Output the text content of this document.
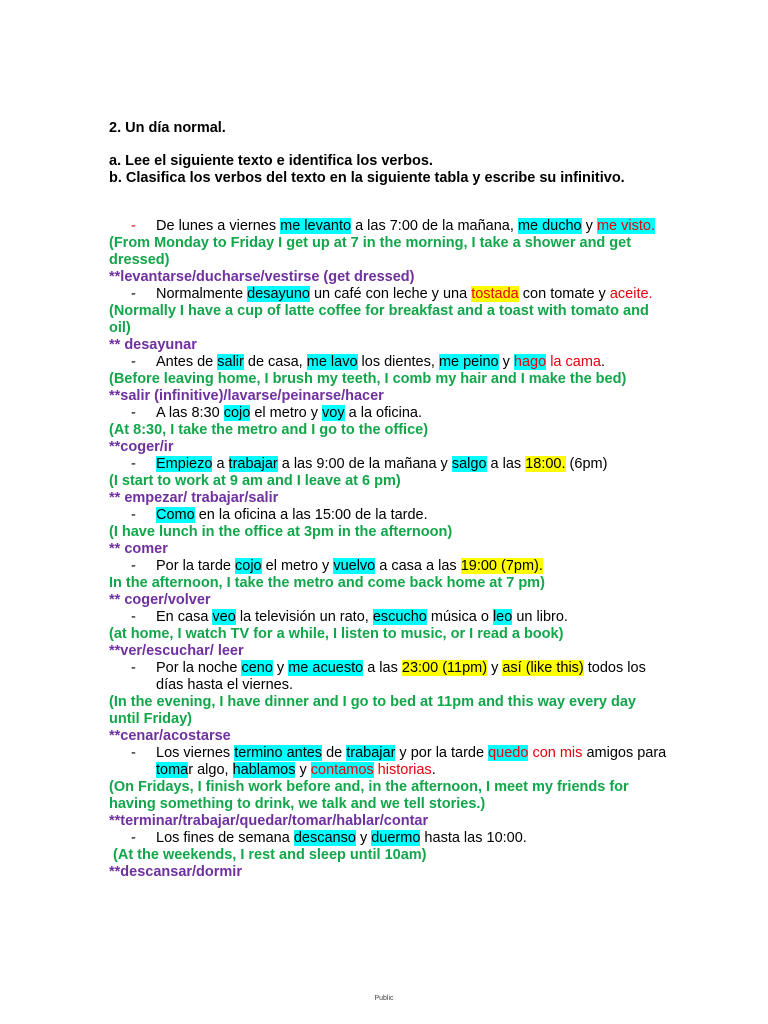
2. Un día normal.

a. Lee el siguiente texto e identifica los verbos.

b. Clasifica los verbos del texto en la siguiente tabla y escribe su infinitivo.

- De lunes a viernes me levanto a las 7:00 de la mañana, me ducho y me visto.
(From Monday to Friday I get up at 7 in the morning, I take a shower and get dressed)
**levantarse/ducharse/vestirse (get dressed)
- Normalmente desayuno un café con leche y una tostada con tomate y aceite.
(Normally I have a cup of latte coffee for breakfast and a toast with tomato and oil)
** desayunar
- Antes de salir de casa, me lavo los dientes, me peino y hago la cama.
(Before leaving home, I brush my teeth, I comb my hair and I make the bed)
**salir (infinitive)/lavarse/peinarse/hacer
- A las 8:30 cojo el metro y voy a la oficina.
(At 8:30, I take the metro and I go to the office)
**coger/ir
- Empiezo a trabajar a las 9:00 de la mañana y salgo a las 18:00. (6pm)
(I start to work at 9 am and I leave at 6 pm)
** empezar/ trabajar/salir
- Como en la oficina a las 15:00 de la tarde.
(I have lunch in the office at 3pm in the afternoon)
** comer
- Por la tarde cojo el metro y vuelvo a casa a las 19:00 (7pm).
In the afternoon, I take the metro and come back home at 7 pm)
** coger/volver
- En casa veo la televisión un rato, escucho música o leo un libro.
(at home, I watch TV for a while, I listen to music, or I read a book)
**ver/escuchar/ leer
- Por la noche ceno y me acuesto a las 23:00 (11pm) y así (like this) todos los días hasta el viernes.
(In the evening, I have dinner and I go to bed at 11pm and this way every day until Friday)
**cenar/acostarse
- Los viernes termino antes de trabajar y por la tarde quedo con mis amigos para tomar algo, hablamos y contamos historias.
(On Fridays, I finish work before and, in the afternoon, I meet my friends for having something to drink, we talk and we tell stories.)
**terminar/trabajar/quedar/tomar/hablar/contar
- Los fines de semana descanso y duermo hasta las 10:00.
(At the weekends, I rest and sleep until 10am)
**descansar/dormir
Public
